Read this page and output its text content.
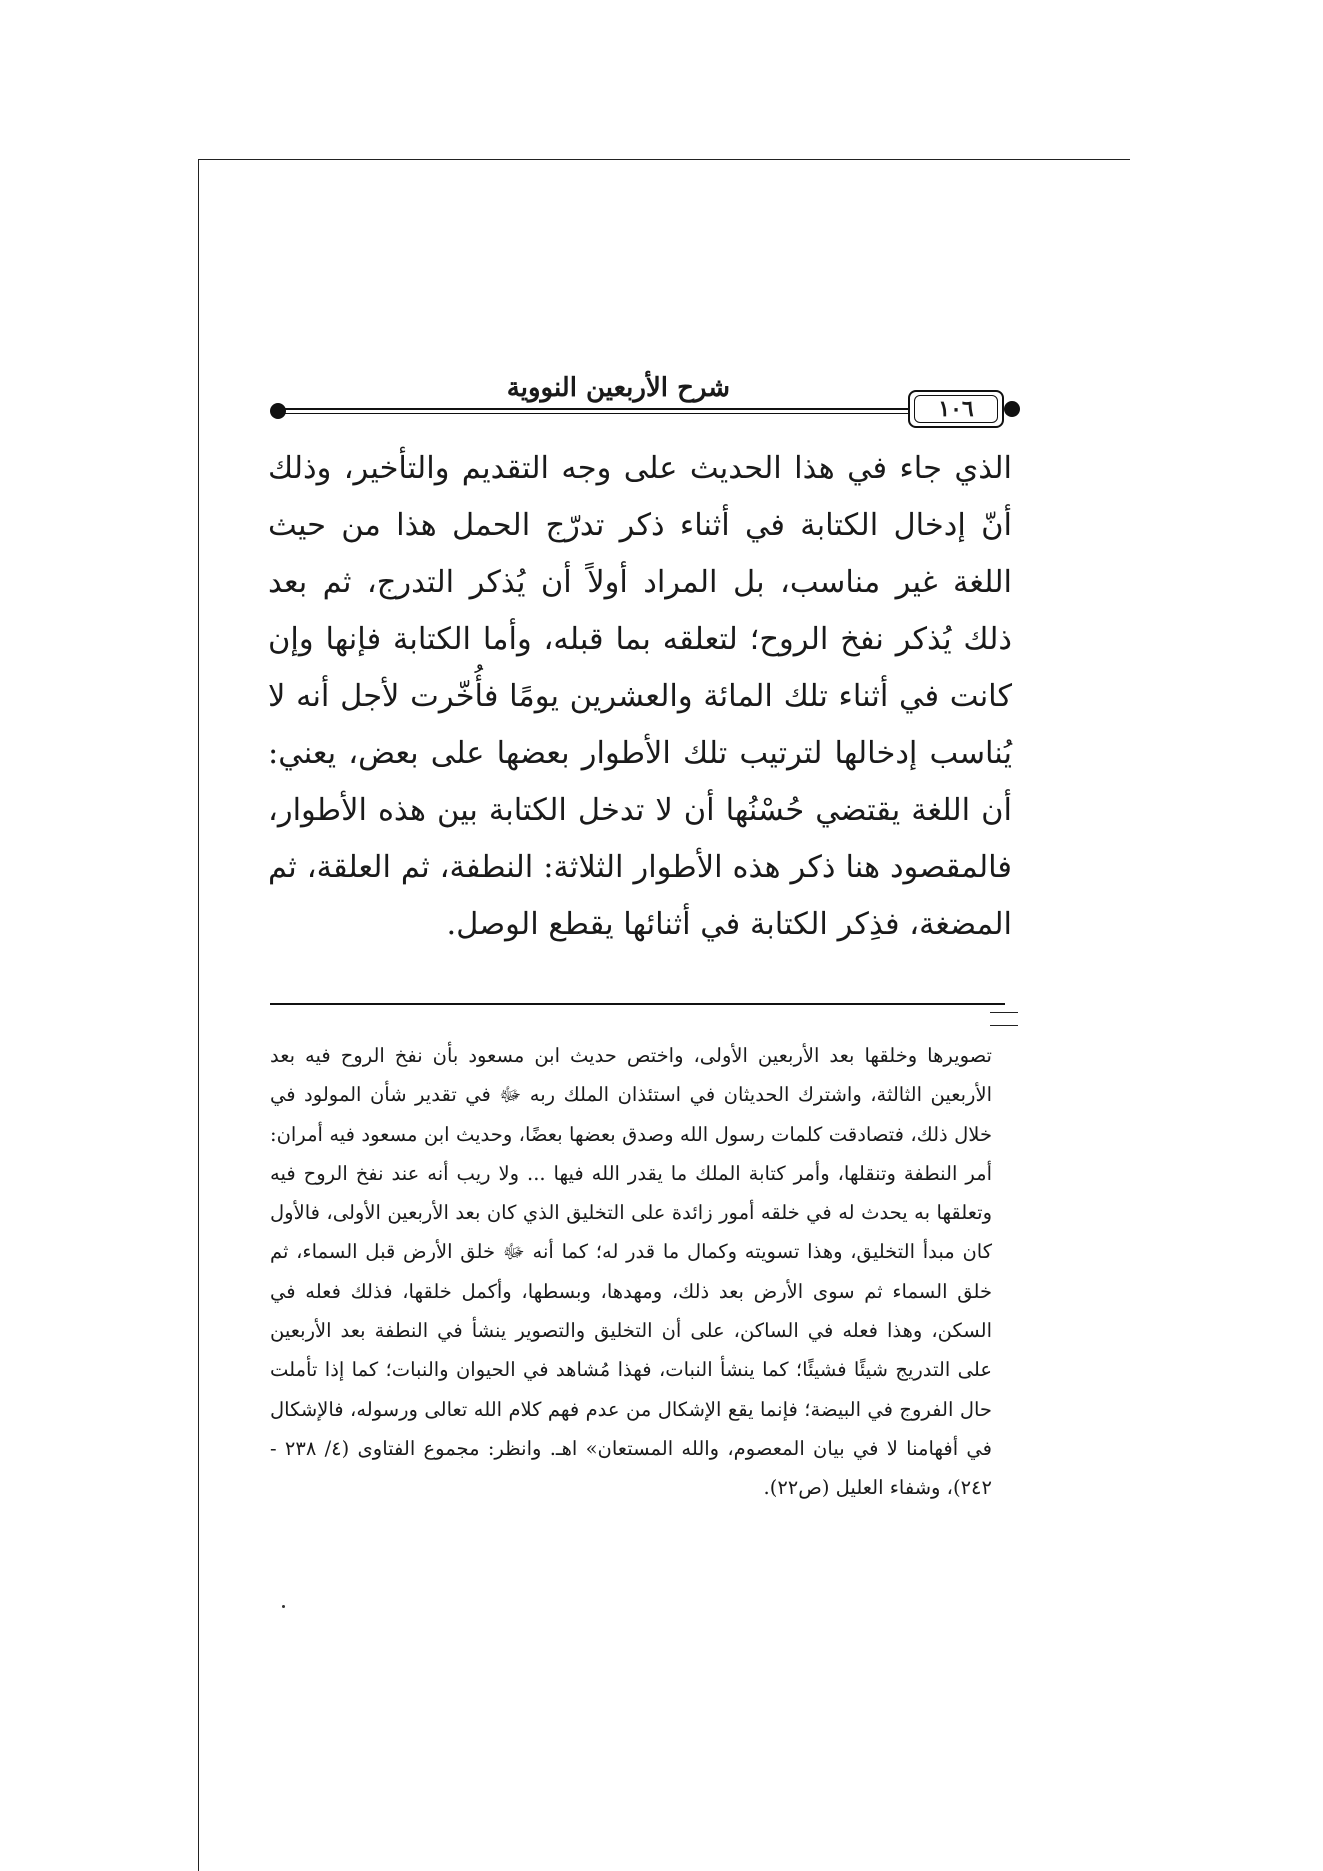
شرح الأربعين النووية
١٠٦

الذي جاء في هذا الحديث على وجه التقديم والتأخير، وذلك أنّ إدخال الكتابة في أثناء ذكر تدرّج الحمل هذا من حيث اللغة غير مناسب، بل المراد أولاً أن يُذكر التدرج، ثم بعد ذلك يُذكر نفخ الروح؛ لتعلقه بما قبله، وأما الكتابة فإنها وإن كانت في أثناء تلك المائة والعشرين يومًا فأُخّرت لأجل أنه لا يُناسب إدخالها لترتيب تلك الأطوار بعضها على بعض، يعني: أن اللغة يقتضي حُسْنُها أن لا تدخل الكتابة بين هذه الأطوار، فالمقصود هنا ذكر هذه الأطوار الثلاثة: النطفة، ثم العلقة، ثم المضغة، فذِكر الكتابة في أثنائها يقطع الوصل.

تصويرها وخلقها بعد الأربعين الأولى، واختص حديث ابن مسعود بأن نفخ الروح فيه بعد الأربعين الثالثة، واشترك الحديثان في استئذان الملك ربه ﷻ في تقدير شأن المولود في خلال ذلك، فتصادقت كلمات رسول الله وصدق بعضها بعضًا، وحديث ابن مسعود فيه أمران: أمر النطفة وتنقلها، وأمر كتابة الملك ما يقدر الله فيها ... ولا ريب أنه عند نفخ الروح فيه وتعلقها به يحدث له في خلقه أمور زائدة على التخليق الذي كان بعد الأربعين الأولى، فالأول كان مبدأ التخليق، وهذا تسويته وكمال ما قدر له؛ كما أنه ﷻ خلق الأرض قبل السماء، ثم خلق السماء ثم سوى الأرض بعد ذلك، ومهدها، وبسطها، وأكمل خلقها، فذلك فعله في السكن، وهذا فعله في الساكن، على أن التخليق والتصوير ينشأ في النطفة بعد الأربعين على التدريج شيئًا فشيئًا؛ كما ينشأ النبات، فهذا مُشاهد في الحيوان والنبات؛ كما إذا تأملت حال الفروج في البيضة؛ فإنما يقع الإشكال من عدم فهم كلام الله تعالى ورسوله، فالإشكال في أفهامنا لا في بيان المعصوم، والله المستعان» اهـ. وانظر: مجموع الفتاوى (٤/ ٢٣٨ - ٢٤٢)، وشفاء العليل (ص٢٢).
